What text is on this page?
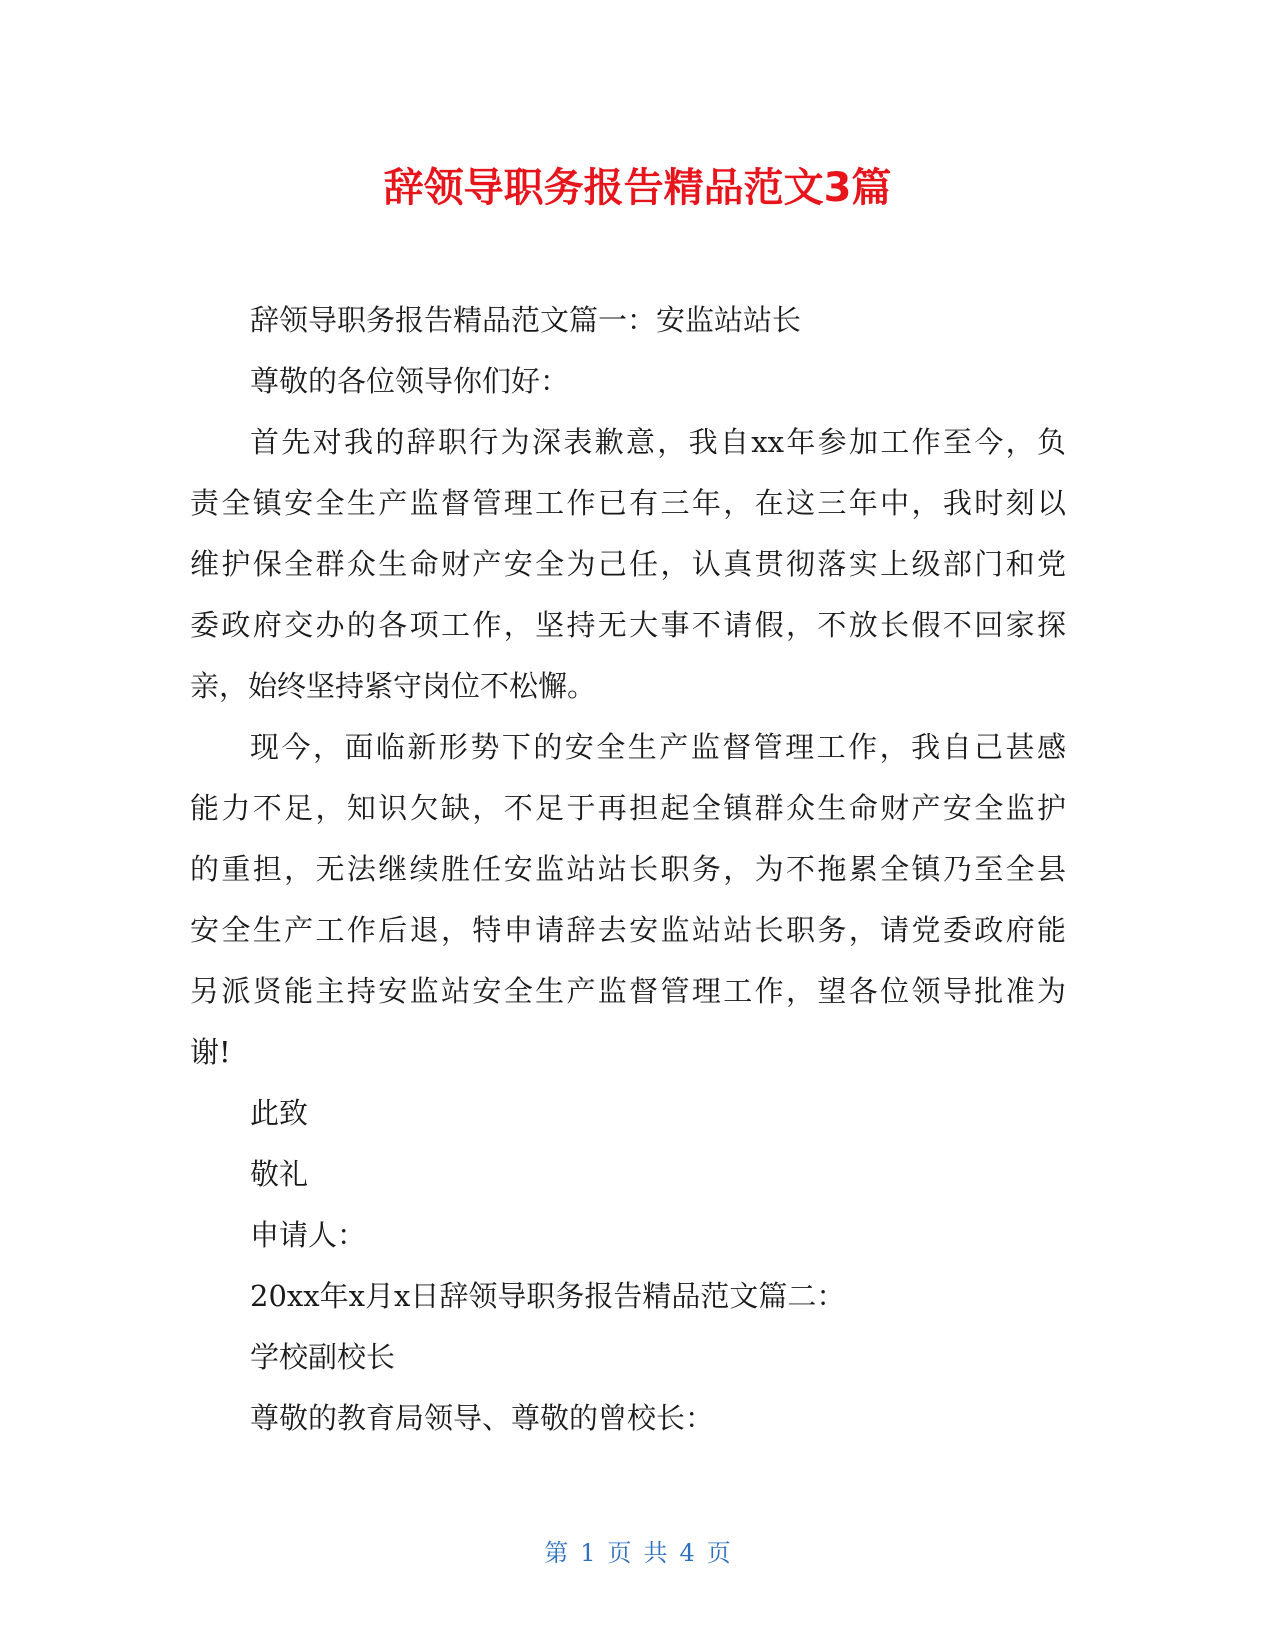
辞领导职务报告精品范文3篇
辞领导职务报告精品范文篇一：安监站站长
尊敬的各位领导你们好：
首先对我的辞职行为深表歉意，我自xx年参加工作至今，负
责全镇安全生产监督管理工作已有三年，在这三年中，我时刻以
维护保全群众生命财产安全为己任，认真贯彻落实上级部门和党
委政府交办的各项工作，坚持无大事不请假，不放长假不回家探
亲，始终坚持紧守岗位不松懈。
现今，面临新形势下的安全生产监督管理工作，我自己甚感
能力不足，知识欠缺，不足于再担起全镇群众生命财产安全监护
的重担，无法继续胜任安监站站长职务，为不拖累全镇乃至全县
安全生产工作后退，特申请辞去安监站站长职务，请党委政府能
另派贤能主持安监站安全生产监督管理工作，望各位领导批准为
谢!
此致
敬礼
申请人：
20xx年x月x日辞领导职务报告精品范文篇二：
学校副校长
尊敬的教育局领导、尊敬的曾校长：
第 1 页 共 4 页
